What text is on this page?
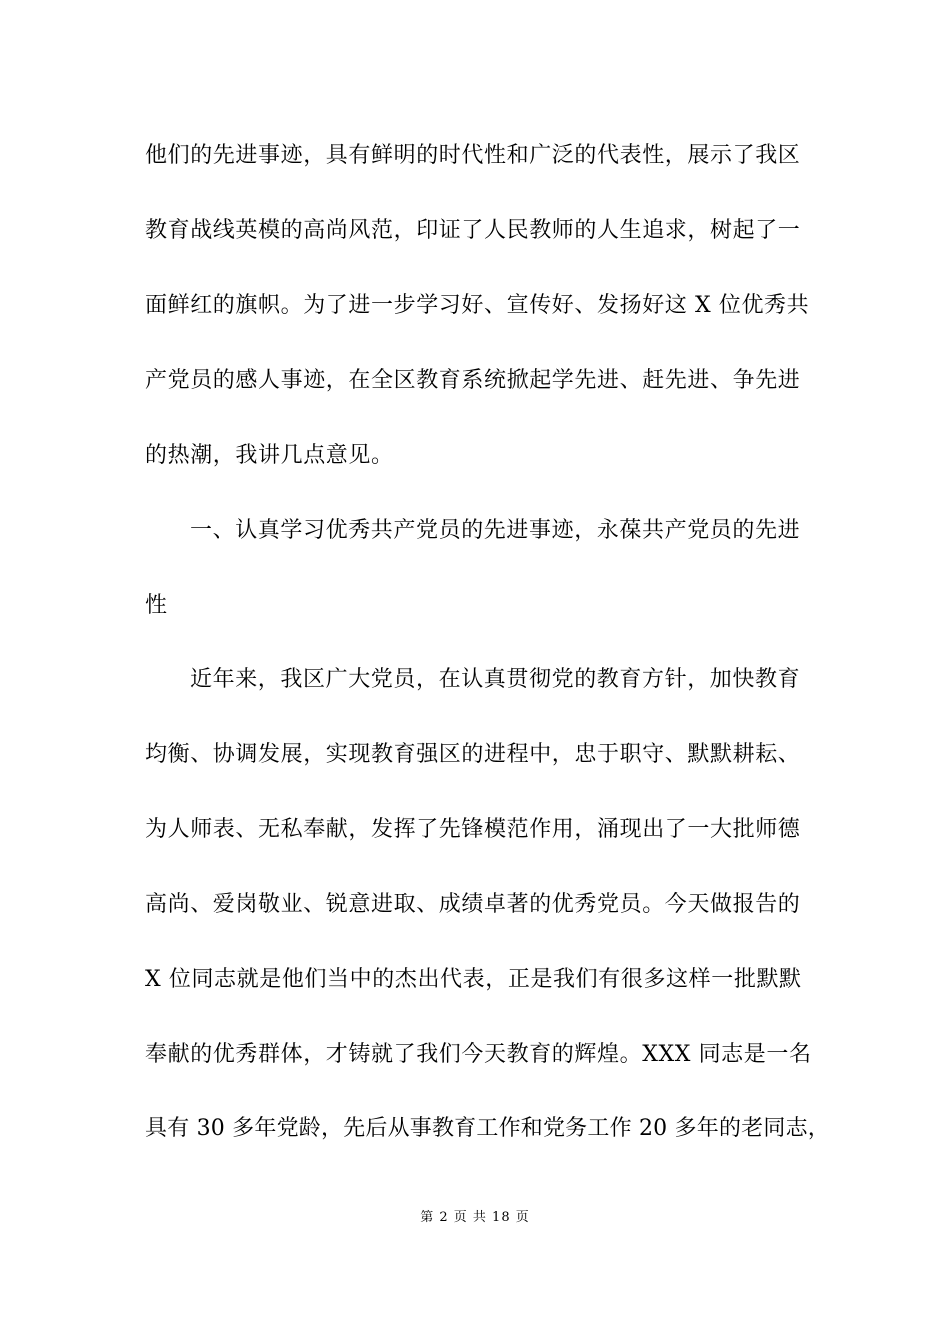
他们的先进事迹，具有鲜明的时代性和广泛的代表性，展示了我区
教育战线英模的高尚风范，印证了人民教师的人生追求，树起了一
面鲜红的旗帜。为了进一步学习好、宣传好、发扬好这 X 位优秀共
产党员的感人事迹，在全区教育系统掀起学先进、赶先进、争先进
的热潮，我讲几点意见。
一、认真学习优秀共产党员的先进事迹，永葆共产党员的先进
性
近年来，我区广大党员，在认真贯彻党的教育方针，加快教育
均衡、协调发展，实现教育强区的进程中，忠于职守、默默耕耘、
为人师表、无私奉献，发挥了先锋模范作用，涌现出了一大批师德
高尚、爱岗敬业、锐意进取、成绩卓著的优秀党员。今天做报告的
X 位同志就是他们当中的杰出代表，正是我们有很多这样一批默默
奉献的优秀群体，才铸就了我们今天教育的辉煌。XXX 同志是一名
具有 30 多年党龄，先后从事教育工作和党务工作 20 多年的老同志，
第 2 页 共 18 页
